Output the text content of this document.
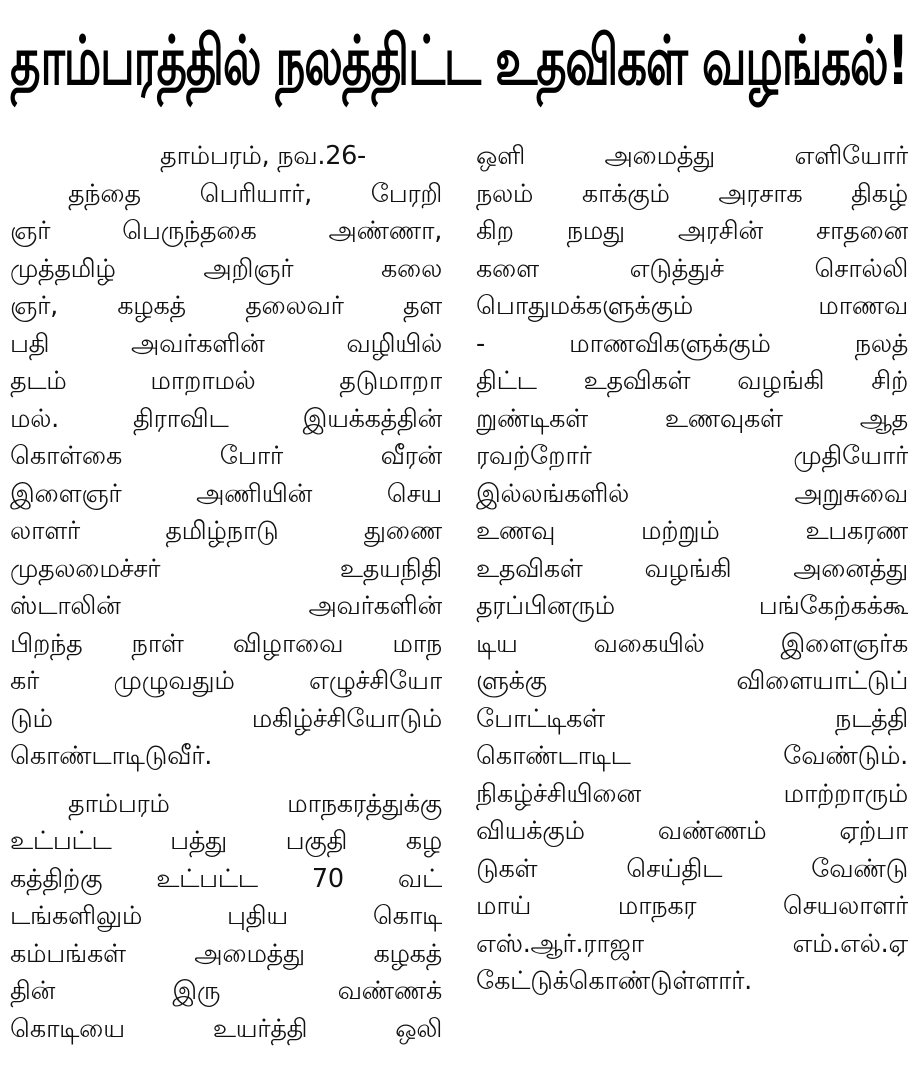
தாம்பரத்தில் நலத்திட்ட உதவிகள் வழங்கல்!
தாம்பரம், நவ.26-
தந்தை பெரியார், பேரறி
ஞர் பெருந்தகை அண்ணா,
முத்தமிழ் அறிஞர் கலை
ஞர், கழகத் தலைவர் தள
பதி அவர்களின் வழியில்
தடம் மாறாமல் தடுமாறா
மல். திராவிட இயக்கத்தின்
கொள்கை போர் வீரன்
இளைஞர் அணியின் செய
லாளர் தமிழ்நாடு துணை
முதலமைச்சர் உதயநிதி
ஸ்டாலின் அவர்களின்
பிறந்த நாள் விழாவை மாந
கர் முழுவதும் எழுச்சியோ
டும் மகிழ்ச்சியோடும்
கொண்டாடிடுவீர்.
தாம்பரம் மாநகரத்துக்கு
உட்பட்ட பத்து பகுதி கழ
கத்திற்கு உட்பட்ட 70 வட்
டங்களிலும் புதிய கொடி
கம்பங்கள் அமைத்து கழகத்
தின் இரு வண்ணக்
கொடியை உயர்த்தி ஒலி
ஒளி அமைத்து எளியோர்
நலம் காக்கும் அரசாக திகழ்
கிற நமது அரசின் சாதனை
களை எடுத்துச் சொல்லி
பொதுமக்களுக்கும் மாணவ
- மாணவிகளுக்கும் நலத்
திட்ட உதவிகள் வழங்கி சிற்
றுண்டிகள் உணவுகள் ஆத
ரவற்றோர் முதியோர்
இல்லங்களில் அறுசுவை
உணவு மற்றும் உபகரண
உதவிகள் வழங்கி அனைத்து
தரப்பினரும் பங்கேற்கக்கூ
டிய வகையில் இளைஞர்க
ளுக்கு விளையாட்டுப்
போட்டிகள் நடத்தி
கொண்டாடிட வேண்டும்.
நிகழ்ச்சியினை மாற்றாரும்
வியக்கும் வண்ணம் ஏற்பா
டுகள் செய்திட வேண்டு
மாய் மாநகர செயலாளர்
எஸ்.ஆர்.ராஜா எம்.எல்.ஏ
கேட்டுக்கொண்டுள்ளார்.
